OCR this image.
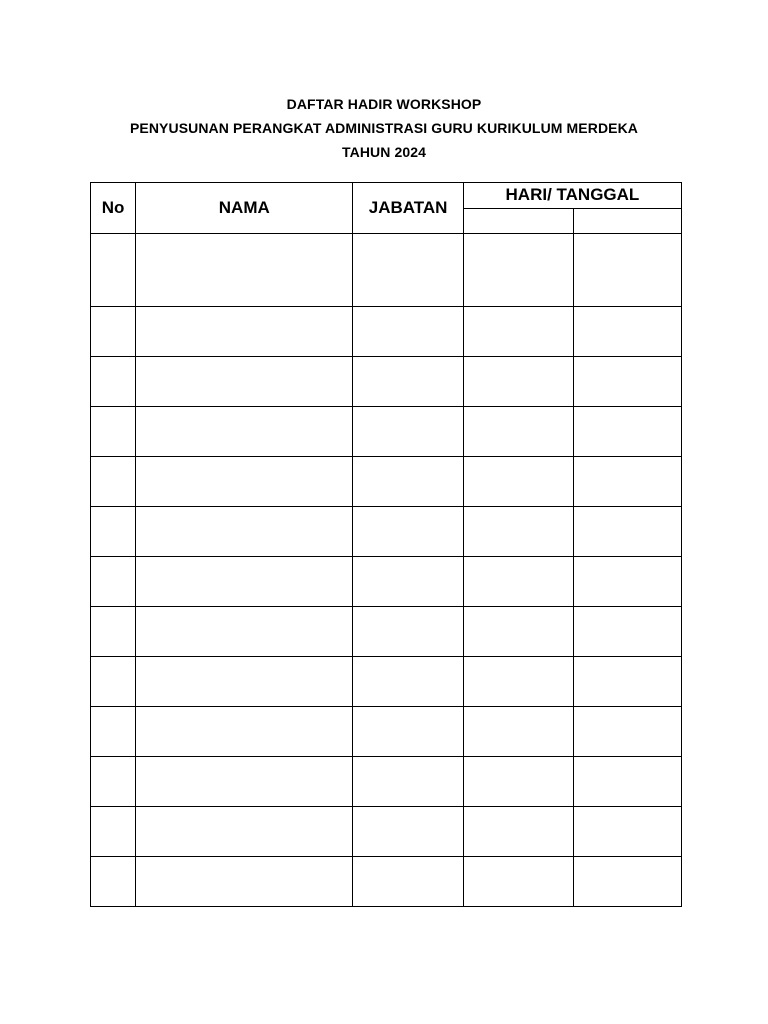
DAFTAR HADIR WORKSHOP
PENYUSUNAN PERANGKAT ADMINISTRASI GURU KURIKULUM MERDEKA
TAHUN 2024
No	NAMA	JABATAN	HARI/ TANGGAL	
